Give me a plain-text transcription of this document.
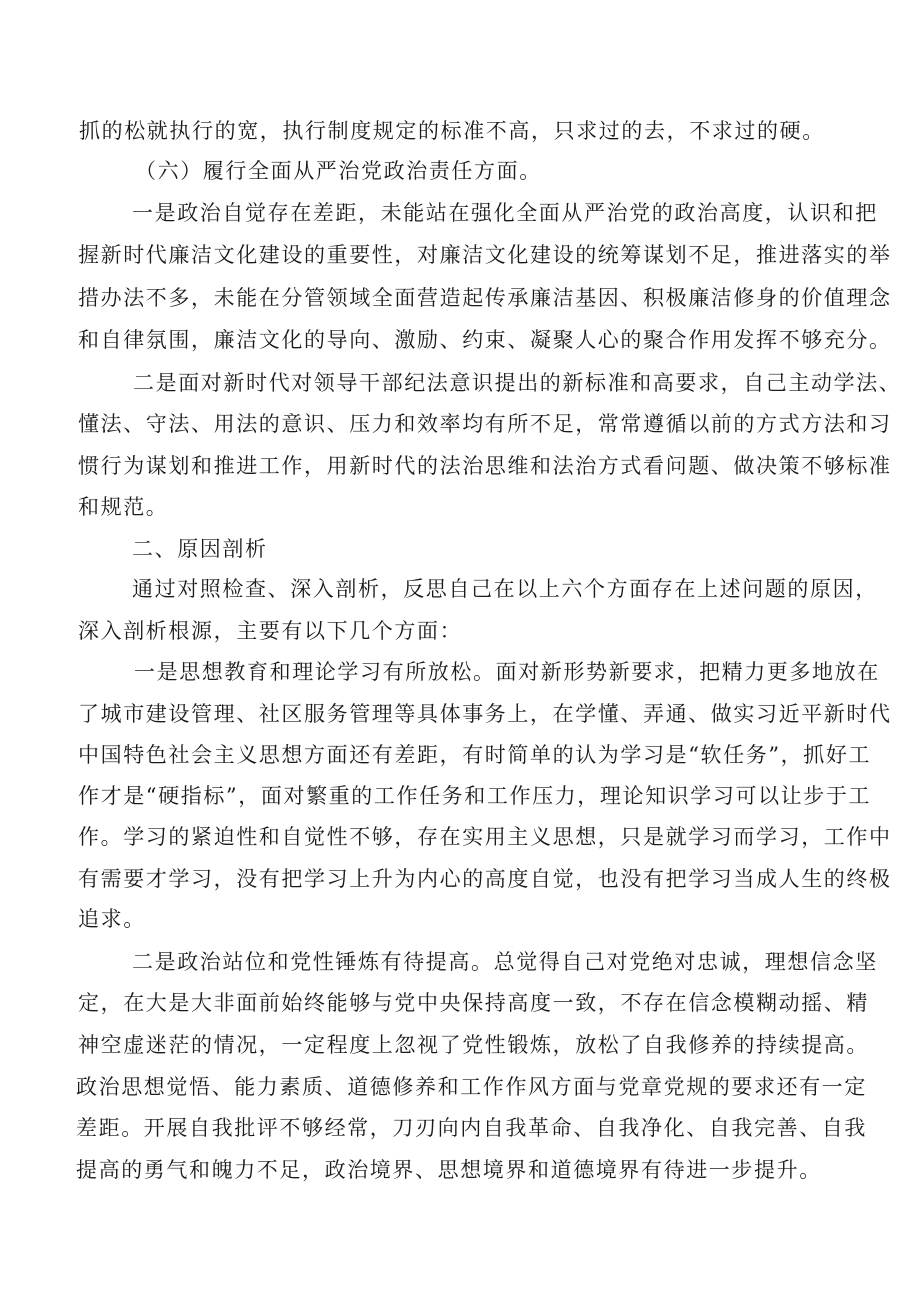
抓的松就执行的宽，执行制度规定的标准不高，只求过的去，不求过的硬。
（六）履行全面从严治党政治责任方面。
一是政治自觉存在差距，未能站在强化全面从严治党的政治高度，认识和把
握新时代廉洁文化建设的重要性，对廉洁文化建设的统筹谋划不足，推进落实的举
措办法不多，未能在分管领域全面营造起传承廉洁基因、积极廉洁修身的价值理念
和自律氛围，廉洁文化的导向、激励、约束、凝聚人心的聚合作用发挥不够充分。
二是面对新时代对领导干部纪法意识提出的新标准和高要求，自己主动学法、
懂法、守法、用法的意识、压力和效率均有所不足，常常遵循以前的方式方法和习
惯行为谋划和推进工作，用新时代的法治思维和法治方式看问题、做决策不够标准
和规范。
二、原因剖析
通过对照检查、深入剖析，反思自己在以上六个方面存在上述问题的原因，
深入剖析根源，主要有以下几个方面：
一是思想教育和理论学习有所放松。面对新形势新要求，把精力更多地放在
了城市建设管理、社区服务管理等具体事务上，在学懂、弄通、做实习近平新时代
中国特色社会主义思想方面还有差距，有时简单的认为学习是“软任务”，抓好工
作才是“硬指标”，面对繁重的工作任务和工作压力，理论知识学习可以让步于工
作。学习的紧迫性和自觉性不够，存在实用主义思想，只是就学习而学习，工作中
有需要才学习，没有把学习上升为内心的高度自觉，也没有把学习当成人生的终极
追求。
二是政治站位和党性锤炼有待提高。总觉得自己对党绝对忠诚，理想信念坚
定，在大是大非面前始终能够与党中央保持高度一致，不存在信念模糊动摇、精
神空虚迷茫的情况，一定程度上忽视了党性锻炼，放松了自我修养的持续提高。
政治思想觉悟、能力素质、道德修养和工作作风方面与党章党规的要求还有一定
差距。开展自我批评不够经常，刀刃向内自我革命、自我净化、自我完善、自我
提高的勇气和魄力不足，政治境界、思想境界和道德境界有待进一步提升。
